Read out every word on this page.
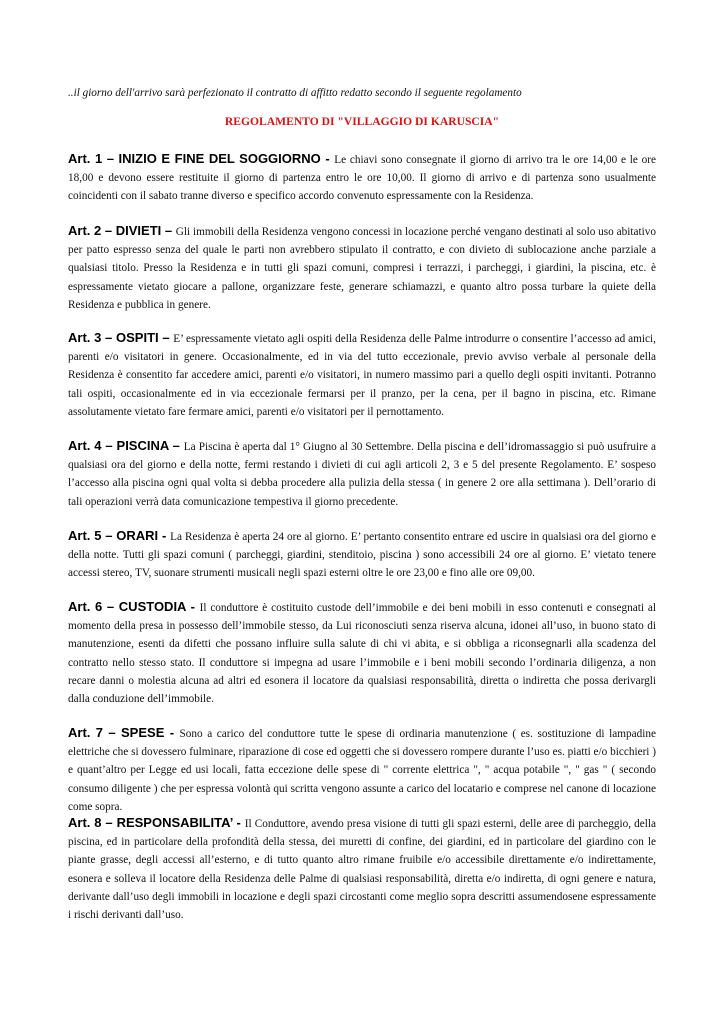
..il giorno dell'arrivo sarà perfezionato il contratto di affitto redatto secondo il seguente regolamento

REGOLAMENTO DI "VILLAGGIO DI KARUSCIA"

Art. 1 – INIZIO E FINE DEL SOGGIORNO - Le chiavi sono consegnate il giorno di arrivo tra le ore 14,00 e le ore 18,00 e devono essere restituite il giorno di partenza entro le ore 10,00. Il giorno di arrivo e di partenza sono usualmente coincidenti con il sabato tranne diverso e specifico accordo convenuto espressamente con la Residenza.

Art. 2 – DIVIETI – Gli immobili della Residenza vengono concessi in locazione perché vengano destinati al solo uso abitativo per patto espresso senza del quale le parti non avrebbero stipulato il contratto, e con divieto di sublocazione anche parziale a qualsiasi titolo. Presso la Residenza e in tutti gli spazi comuni, compresi i terrazzi, i parcheggi, i giardini, la piscina, etc. è espressamente vietato giocare a pallone, organizzare feste, generare schiamazzi, e quanto altro possa turbare la quiete della Residenza e pubblica in genere.

Art. 3 – OSPITI – E’ espressamente vietato agli ospiti della Residenza delle Palme introdurre o consentire l’accesso ad amici, parenti e/o visitatori in genere. Occasionalmente, ed in via del tutto eccezionale, previo avviso verbale al personale della Residenza è consentito far accedere amici, parenti e/o visitatori, in numero massimo pari a quello degli ospiti invitanti. Potranno tali ospiti, occasionalmente ed in via eccezionale fermarsi per il pranzo, per la cena, per il bagno in piscina, etc. Rimane assolutamente vietato fare fermare amici, parenti e/o visitatori per il pernottamento.

Art. 4 – PISCINA – La Piscina è aperta dal 1° Giugno al 30 Settembre. Della piscina e dell’idromassaggio si può usufruire a qualsiasi ora del giorno e della notte, fermi restando i divieti di cui agli articoli 2, 3 e 5 del presente Regolamento. E’ sospeso l’accesso alla piscina ogni qual volta si debba procedere alla pulizia della stessa ( in genere 2 ore alla settimana ). Dell’orario di tali operazioni verrà data comunicazione tempestiva il giorno precedente.

Art. 5 – ORARI - La Residenza è aperta 24 ore al giorno. E’ pertanto consentito entrare ed uscire in qualsiasi ora del giorno e della notte. Tutti gli spazi comuni ( parcheggi, giardini, stenditoio, piscina ) sono accessibili 24 ore al giorno. E’ vietato tenere accessi stereo, TV, suonare strumenti musicali negli spazi esterni oltre le ore 23,00 e fino alle ore 09,00.

Art. 6 – CUSTODIA - Il conduttore è costituito custode dell’immobile e dei beni mobili in esso contenuti e consegnati al momento della presa in possesso dell’immobile stesso, da Lui riconosciuti senza riserva alcuna, idonei all’uso, in buono stato di manutenzione, esenti da difetti che possano influire sulla salute di chi vi abita, e si obbliga a riconsegnarli alla scadenza del contratto nello stesso stato. Il conduttore si impegna ad usare l’immobile e i beni mobili secondo l’ordinaria diligenza, a non recare danni o molestia alcuna ad altri ed esonera il locatore da qualsiasi responsabilità, diretta o indiretta che possa derivargli dalla conduzione dell’immobile.

Art. 7 – SPESE - Sono a carico del conduttore tutte le spese di ordinaria manutenzione ( es. sostituzione di lampadine elettriche che si dovessero fulminare, riparazione di cose ed oggetti che si dovessero rompere durante l’uso es. piatti e/o bicchieri ) e quant’altro per Legge ed usi locali, fatta eccezione delle spese di " corrente elettrica ", " acqua potabile ", " gas " ( secondo consumo diligente ) che per espressa volontà qui scritta vengono assunte a carico del locatario e comprese nel canone di locazione come sopra.

Art. 8 – RESPONSABILITA’ - Il Conduttore, avendo presa visione di tutti gli spazi esterni, delle aree di parcheggio, della piscina, ed in particolare della profondità della stessa, dei muretti di confine, dei giardini, ed in particolare del giardino con le piante grasse, degli accessi all’esterno, e di tutto quanto altro rimane fruibile e/o accessibile direttamente e/o indirettamente, esonera e solleva il locatore della Residenza delle Palme di qualsiasi responsabilità, diretta e/o indiretta, di ogni genere e natura, derivante dall’uso degli immobili in locazione e degli spazi circostanti come meglio sopra descritti assumendosene espressamente i rischi derivanti dall’uso.
